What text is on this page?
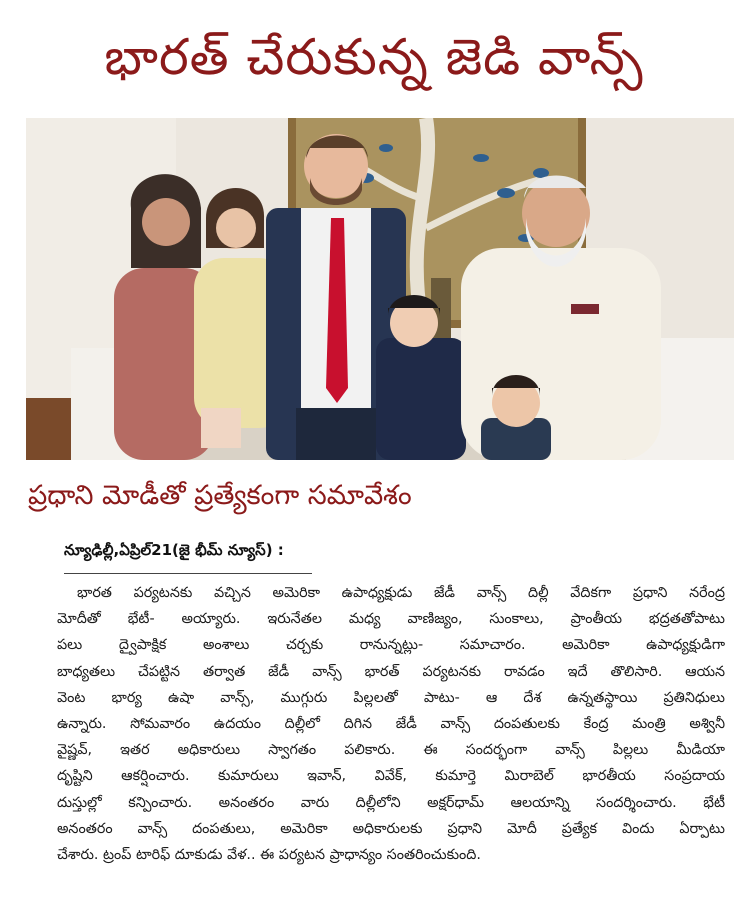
భారత్ చేరుకున్న జెడి వాన్స్
ప్రధాని మోడీతో ప్రత్యేకంగా సమావేశం
న్యూఢిల్లీ,ఏప్రిల్21(జై భీమ్ న్యూస్) :
భారత పర్యటనకు వచ్చిన అమెరికా ఉపాధ్యక్షుడు జేడీ వాన్స్ దిల్లీ వేదికగా ప్రధాని నరేంద్ర
మోదీతో భేటీ- అయ్యారు. ఇరునేతల మధ్య వాణిజ్యం, సుంకాలు, ప్రాంతీయ భద్రతతోపాటు
పలు ద్వైపాక్షిక అంశాలు చర్చకు రానున్నట్లు- సమాచారం. అమెరికా ఉపాధ్యక్షుడిగా
బాధ్యతలు చేపట్టిన తర్వాత జేడీ వాన్స్ భారత్ పర్యటనకు రావడం ఇదే తొలిసారి. ఆయన
వెంట భార్య ఉషా వాన్స్, ముగ్గురు పిల్లలతో పాటు- ఆ దేశ ఉన్నతస్థాయి ప్రతినిధులు
ఉన్నారు. సోమవారం ఉదయం దిల్లీలో దిగిన జేడీ వాన్స్ దంపతులకు కేంద్ర మంత్రి అశ్వినీ
వైష్ణవ్, ఇతర అధికారులు స్వాగతం పలికారు. ఈ సందర్భంగా వాన్స్ పిల్లలు మీడియా
దృష్టిని ఆకర్షించారు. కుమారులు ఇవాన్, వివేక్, కుమార్తె మిరాబెల్ భారతీయ సంప్రదాయ
దుస్తుల్లో కన్పించారు. అనంతరం వారు దిల్లీలోని అక్షర్‌ధామ్ ఆలయాన్ని సందర్శించారు. భేటీ
అనంతరం వాన్స్ దంపతులు, అమెరికా అధికారులకు ప్రధాని మోదీ ప్రత్యేక విందు ఏర్పాటు
చేశారు. ట్రంప్ టారిఫ్ దూకుడు వేళ.. ఈ పర్యటన ప్రాధాన్యం సంతరించుకుంది.
